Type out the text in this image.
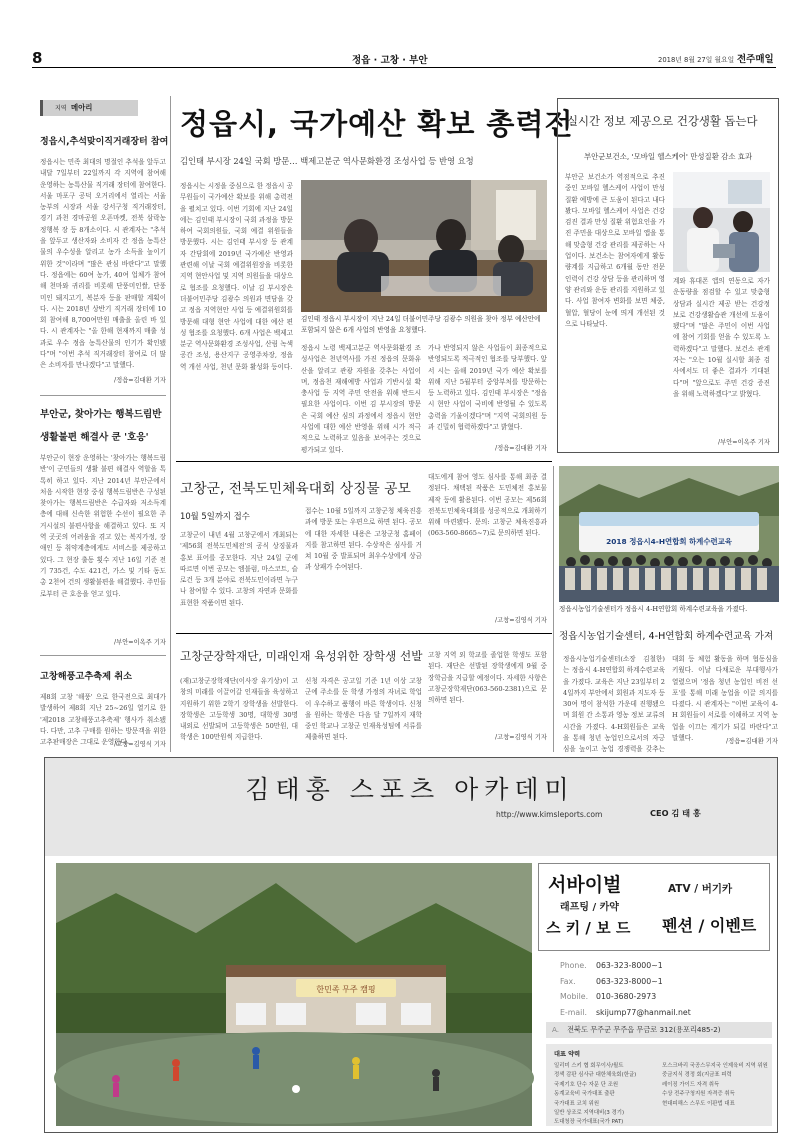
8	정읍 · 고창 · 부안	2018년 8월 27일 월요일 전주매일
지역 메아리
정읍시,추석맞이직거래장터 참여
정읍시는 민족 최대의 명절인 추석을 앞두고 내달 7일부터 22일까지 각 지역에 참여해 운영하는 농특산물 직거래 장터에 참여한다. 서울 마포구 공덕 오거리에서 열리는 서울 농부의 시장과 서울 강서구청 직거래장터, 경기 과천 경마공원 오픈마켓, 전북 삼락농정행복 장 등 8개소이다. 시 관계자는 "추석을 앞두고 생산자와 소비자 간 정읍 농특산물의 우수성을 알리고 농가 소득을 높이기 위한 것"이라며 "많은 관심 바란다"고 말했다. 정읍에는 60여 농가, 40여 업체가 참여해 천마와 귀리를 비롯해 단풍미인쌀, 단풍미인 돼지고기, 복분자 등을 판매할 계획이다. 시는 2018년 상반기 직거래 장터에 10회 참여해 8,700여만원 매출을 올린 바 있다. 시 관계자는 "올 한해 현재까지 매출 성과로 우수 정읍 농특산물의 인기가 확인됐다"며 "이번 추석 직거래장터 참여로 더 많은 소비자를 만나겠다"고 말했다.
/정읍=김대환 기자
부안군, 찾아가는 행복드림반
생활불편 해결사 쿤 '호응'
부안군이 현장 운영하는 '찾아가는 행복드림반'이 군민들의 생활 불편 해결사 역할을 톡톡히 하고 있다. 지난 2014년 부안군에서 처음 시작한 현장 중심 행복드림반은 구성된 찾아가는 행복드림반은 수급자와 저소득계층에 대해 신속한 위험한 수선이 필요한 주거시설의 불편사항을 해결하고 있다. 또 지역 곳곳의 어려움을 겪고 있는 복지가정, 장애인 등 취약계층에게도 서비스를 제공하고 있다. 그 현장 출동 횟수 지난 16일 기준 전기 735건, 수도 421건, 가스 및 기타 동도 총 2천여 건의 생활불편을 해결했다. 주민들로부터 큰 호응을 얻고 있다.
/부안=이옥주 기자
고창해풍고추축제 취소
제8회 고창 '해풍' 으로 한국전으로 최대가 발생하여 제8회 지난 25~26일 열기로 한 '제2018 고창해풍고추축제' 행사가 취소됐다. 다만, 고추 구매를 원하는 방문객을 위한 고추판매장은 그대로 운영한다.
/고창=김영식 기자
정읍시, 국가예산 확보 총력전
김인태 부시장 24일 국회 방문… 백제고분군 역사문화환경 조성사업 등 반영 요청
정읍시는 시정을 중심으로 한 정읍시 공무원들이 국가예산 확보를 위해 총력전을 펼치고 있다. 이번 기회에 지난 24일에는 김인태 부시장이 국회 과정을 방문하여 국회의원들, 국회 예결 위원들을 방문했다. 시는 김인태 부시장 등 관계자 간담회에 2019년 국가예산 반영과 관련해 이날 국회 예결위원장을 비롯한 지역 현안사업 및 지역 의원들을 대상으로 협조를 요청했다. 이날 김 부시장은 더불어민주당 김광수 의원과 면담을 갖고 정읍 지역현안 사업 등 예결위원회를 방문해 대형 현안 사업에 대한 예산 편성 협조를 요청했다. 6개 사업은 백제고분군 역사문화환경 조성사업, 산림 녹색 공간 조성, 용산지구 공영주차장, 정읍역 개선 사업, 천년 문화 활성화 등이다.
김인태 정읍시 부시장이 지난 24일 더불어민주당 김광수 의원을 찾아 정부 예산안에 포함되지 않은 6개 사업의 반영을 요청했다.
정읍시 노령 백제고분군 역사문화환경 조성사업은 천년역사를 가진 정읍의 문화유산을 알리고 관광 자원을 갖추는 사업이며, 정읍천 재해예방 사업과 기반시설 확충사업 등 지역 주민 안전을 위해 반드시 필요한 사업이다. 이번 김 부시장의 방문은 국회 예산 심의 과정에서 정읍시 현안 사업에 대한 예산 반영을 위해 시가 적극적으로 노력하고 있음을 보여주는 것으로 평가되고 있다.
가나 반영되지 않은 사업들이 최종적으로 반영되도록 적극적인 협조를 당부했다. 앞서 시는 올해 2019년 국가 예산 확보를 위해 지난 5월부터 중앙부처를 방문하는 등 노력하고 있다. 김인태 부시장은 "정읍시 현안 사업이 국비에 반영될 수 있도록 총력을 기울이겠다"며 "지역 국회의원 등과 긴밀히 협력하겠다"고 밝혔다.
/정읍=김대환 기자
실시간 정보 제공으로 건강생활 돕는다
부안군보건소, '모바일 헬스케어' 만성질환 감소 효과
부안군 보건소가 역점적으로 추진 중인 모바일 헬스케어 사업이 만성질환 예방에 큰 도움이 된다고 내다봤다. 모바일 헬스케어 사업은 건강검진 결과 만성 질환 위험요인을 가진 주민을 대상으로 모바일 앱을 통해 맞춤형 건강 관리를 제공하는 사업이다. 보건소는 참여자에게 활동량계를 지급하고 6개월 동안 전문 인력이 건강 상담 등을 관리하며 영양 관리와 운동 관리를 지원하고 있다. 사업 참여자 변화를 보면 체중, 혈압, 혈당이 눈에 띄게 개선된 것으로 나타났다.
계와 휴대폰 앱의 연동으로 자가 운동량을 점검할 수 있고 맞춤형 상담과 실시간 제공 받는 건강정보로 건강생활습관 개선에 도움이 됐다"며 "많은 주민이 이번 사업에 참여 기회를 얻을 수 있도록 노력하겠다"고 말했다. 보건소 관계자는 "오는 10월 실시할 최종 검사에서도 더 좋은 결과가 기대된다"며 "앞으로도 주민 건강 증진을 위해 노력하겠다"고 밝혔다.
/부안=이옥주 기자
고창군, 전북도민체육대회 상징물 공모
10월 5일까지 접수
고창군이 내년 4월 고창군에서 개최되는 '제56회 전북도민체전'의 공식 상징물과 홍보 표어를 공모한다. 지난 24일 군에 따르면 이번 공모는 엠블럼, 마스코트, 슬로건 등 3개 분야로 전북도민이라면 누구나 참여할 수 있다. 고창의 자연과 문화를 표현한 작품이면 된다.
접수는 10월 5일까지 고창군청 체육진흥과에 방문 또는 우편으로 하면 된다. 공모에 대한 자세한 내용은 고창군청 홈페이지를 참고하면 된다. 수상작은 심사를 거쳐 10월 중 발표되며 최우수상에게 상금과 상패가 수여된다.
대도에게 참여 영도 심사를 통해 최종 결정된다. 채택된 작품은 도민체전 홍보물 제작 등에 활용된다. 이번 공모는 제56회 전북도민체육대회를 성공적으로 개최하기 위해 마련됐다. 문의: 고창군 체육진흥과(063-560-8665~7)로 문의하면 된다.
/고창=김영식 기자
고창군장학재단, 미래인재 육성위한 장학생 선발
(재)고창군장학재단(이사장 유기상)이 고창의 미래를 이끌어갈 인재들을 육성하고 지원하기 위한 2학기 장학생을 선발한다. 장학생은 고등학생 30명, 대학생 30명 내외로 선발되며 고등학생은 50만원, 대학생은 100만원씩 지급한다.
신청 자격은 공고일 기준 1년 이상 고창군에 주소를 둔 학생 가정의 자녀로 학업이 우수하고 품행이 바른 학생이다. 신청을 원하는 학생은 다음 달 7일까지 재학 중인 학교나 고창군 인재육성팀에 서류를 제출하면 된다.
고창 지역 외 학교를 졸업한 학생도 포함된다. 재단은 선발된 장학생에게 9월 중 장학금을 지급할 예정이다. 자세한 사항은 고창군장학재단(063-560-2381)으로 문의하면 된다.
/고창=김영식 기자
2018 정읍시4-H연합회 하계수련교육
정읍시농업기술센터가 정읍시 4-H연합회 하계수련교육을 가졌다.
정읍시농업기술센터, 4-H연합회 하계수련교육 가져
정읍시농업기술센터(소장 김철한)는 정읍시 4-H연합회 하계수련교육을 가졌다. 교육은 지난 23일부터 24일까지 부안에서 회원과 지도자 등 30여 명이 참석한 가운데 진행됐으며 회원 간 소통과 영농 정보 교류의 시간을 가졌다. 4-H회원들은 교육을 통해 청년 농업인으로서의 자긍심을 높이고 농업 경쟁력을 갖추는
대회 등 체험 활동을 하며 협동심을 키웠다. 이날 다채로운 부대행사가 열렸으며 '정읍 청년 농업인 비전 선포'를 통해 미래 농업을 이끌 의지를 다졌다. 시 관계자는 "이번 교육이 4-H 회원들이 서로를 이해하고 지역 농업을 이끄는 계기가 되길 바란다"고 말했다.	/정읍=김대환 기자
김태홍 스포츠 아카데미
http://www.kimsleports.com	CEO 김 태 홍
한민족 무주 캠핑
서바이벌
래프팅 / 카약
스 키 / 보 드
ATV / 버기카
펜션 / 이벤트
Phone. 063-323-8000~1
Fax.	063-323-8000~1
Mobile. 010-3680-2973
E-mail. skijump77@hanmail.net
A. 전북도 무주군 무주읍 무금로 312(용포리485-2)
대표 약력
일리미 스키 협 회무이사/윌트
정색 감판 심사규 대한체육회(한글)
국제기호 단수 자문 단 조원
동계교육비 국가대표 출판
국가대표 코치 위원
일반 상조로 지역대비(3 경기)
도대청장 국가대표(국가 PAT)
모스크바리 국공스무지국 인제육비 지역 위원
중금지식 경정 회(지금표 피력
레이징 가이드 자격 취득
수상 전주구청지원 자격증 취득
현대피해스 스무도 이판법 대표
